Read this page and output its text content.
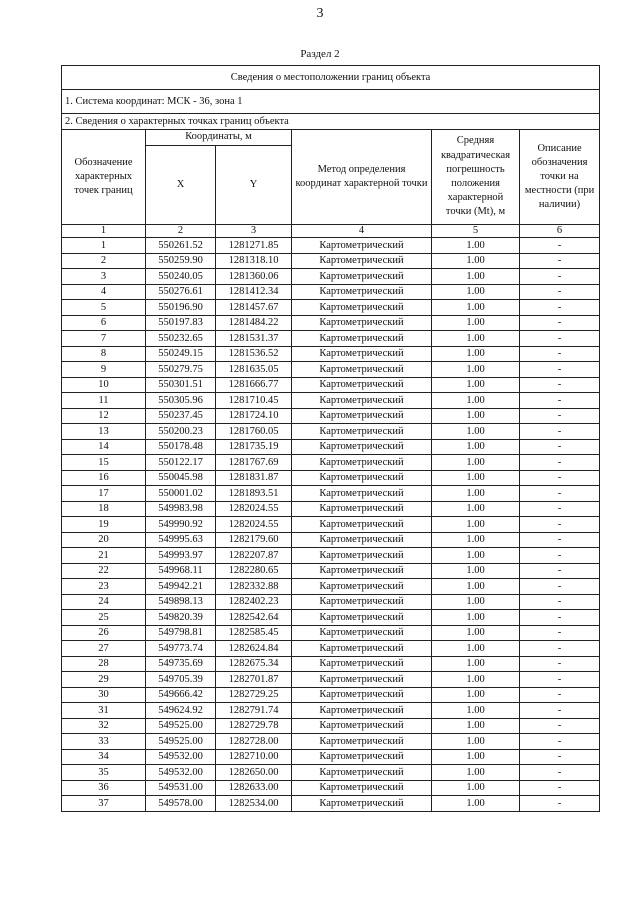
3
Раздел 2
Сведения о местоположении границ объекта					
1. Система координат: МСК - 36, зона 1					
2. Сведения о характерных точках границ объекта					
Обозначение характерных точек границ	Координаты, м		Метод определения координат характерной точки	Средняя квадратическая погрешность положения характерной точки (Mt), м	Описание обозначения точки на местности (при наличии)
	X	Y			
1	2	3	4	5	6
1	550261.52	1281271.85	Картометрический	1.00	-
2	550259.90	1281318.10	Картометрический	1.00	-
3	550240.05	1281360.06	Картометрический	1.00	-
4	550276.61	1281412.34	Картометрический	1.00	-
5	550196.90	1281457.67	Картометрический	1.00	-
6	550197.83	1281484.22	Картометрический	1.00	-
7	550232.65	1281531.37	Картометрический	1.00	-
8	550249.15	1281536.52	Картометрический	1.00	-
9	550279.75	1281635.05	Картометрический	1.00	-
10	550301.51	1281666.77	Картометрический	1.00	-
11	550305.96	1281710.45	Картометрический	1.00	-
12	550237.45	1281724.10	Картометрический	1.00	-
13	550200.23	1281760.05	Картометрический	1.00	-
14	550178.48	1281735.19	Картометрический	1.00	-
15	550122.17	1281767.69	Картометрический	1.00	-
16	550045.98	1281831.87	Картометрический	1.00	-
17	550001.02	1281893.51	Картометрический	1.00	-
18	549983.98	1282024.55	Картометрический	1.00	-
19	549990.92	1282024.55	Картометрический	1.00	-
20	549995.63	1282179.60	Картометрический	1.00	-
21	549993.97	1282207.87	Картометрический	1.00	-
22	549968.11	1282280.65	Картометрический	1.00	-
23	549942.21	1282332.88	Картометрический	1.00	-
24	549898.13	1282402.23	Картометрический	1.00	-
25	549820.39	1282542.64	Картометрический	1.00	-
26	549798.81	1282585.45	Картометрический	1.00	-
27	549773.74	1282624.84	Картометрический	1.00	-
28	549735.69	1282675.34	Картометрический	1.00	-
29	549705.39	1282701.87	Картометрический	1.00	-
30	549666.42	1282729.25	Картометрический	1.00	-
31	549624.92	1282791.74	Картометрический	1.00	-
32	549525.00	1282729.78	Картометрический	1.00	-
33	549525.00	1282728.00	Картометрический	1.00	-
34	549532.00	1282710.00	Картометрический	1.00	-
35	549532.00	1282650.00	Картометрический	1.00	-
36	549531.00	1282633.00	Картометрический	1.00	-
37	549578.00	1282534.00	Картометрический	1.00	-
